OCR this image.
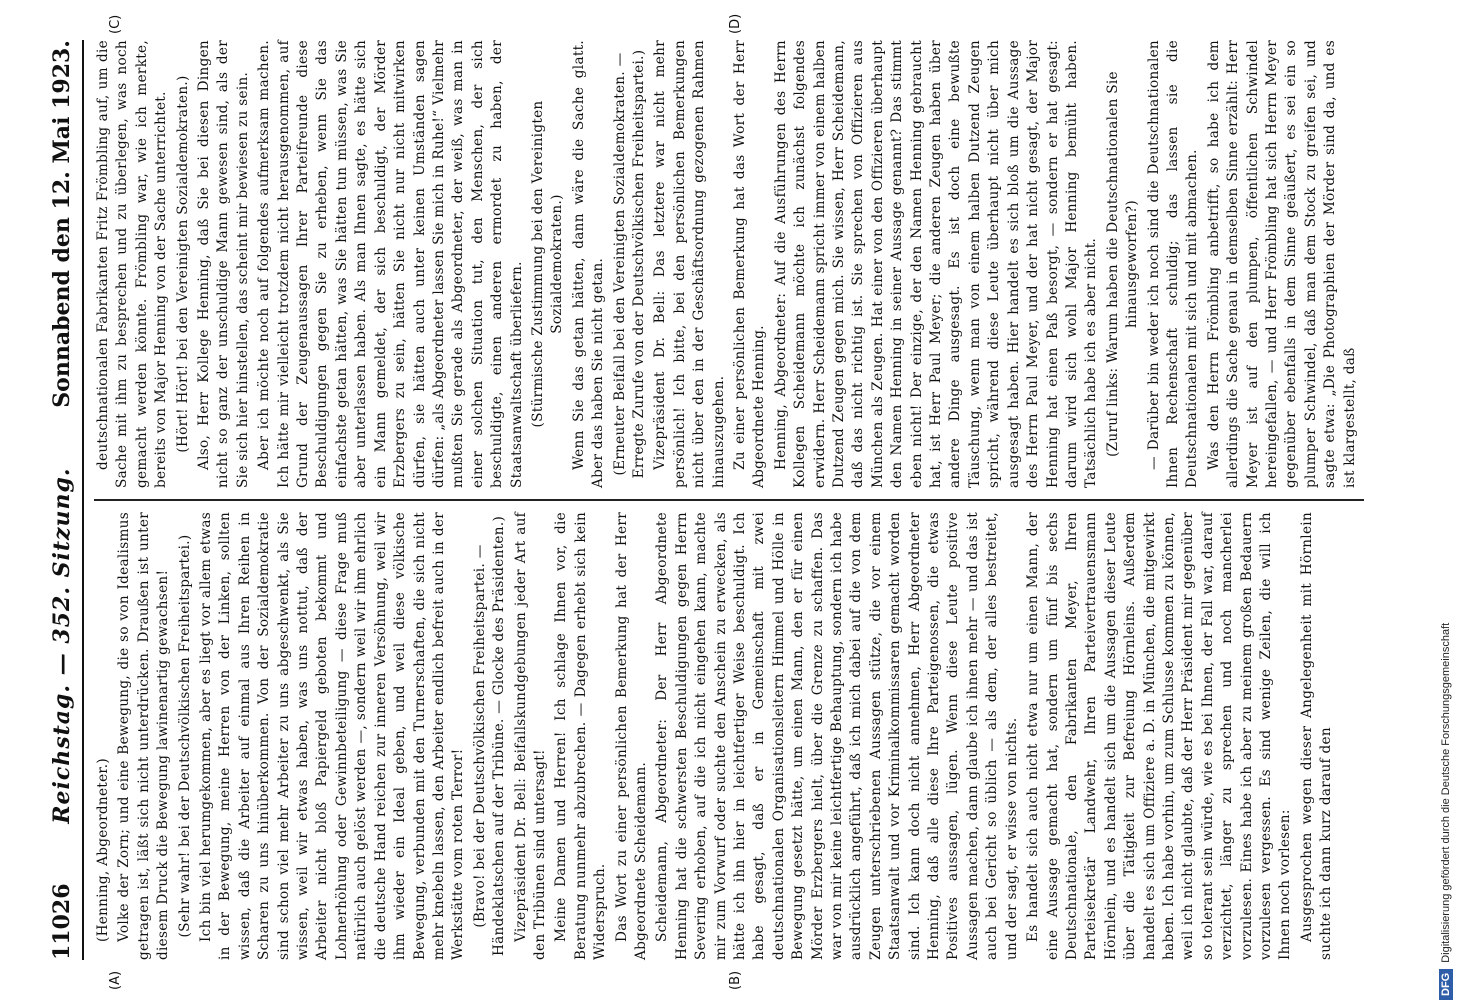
11026
Reichstag. — 352. Sitzung.
Sonnabend den 12. Mai 1923.
(A)	(B)
(C)	(D)

(Henning, Abgeordneter.) Volke der Zorn; und eine Bewegung, die so von Idealismus getragen ist, läßt sich nicht unterdrücken. Draußen ist unter diesem Druck die Bewegung lawinenartig gewachsen! (Sehr wahr! bei der Deutschvölkischen Freiheitspartei.) Ich bin viel herumgekommen, aber es liegt vor allem etwas in der Bewegung, meine Herren von der Linken, sollten wissen, daß die Arbeiter auf einmal aus Ihren Reihen in Scharen zu uns hinüberkommen. Von der Sozialdemokratie sind schon viel mehr Arbeiter zu uns abgeschwenkt, als Sie wissen, weil wir etwas haben, was uns nottut, daß der Arbeiter nicht bloß Papiergeld geboten bekommt und Lohnerhöhung oder Gewinnbeteiligung — diese Frage muß natürlich auch gelöst werden —, sondern weil wir ihm ehrlich die deutsche Hand reichen zur inneren Versöhnung, weil wir ihm wieder ein Ideal geben, und weil diese völkische Bewegung, verbunden mit den Turnerschaften, die sich nicht mehr knebeln lassen, den Arbeiter endlich befreit auch in der Werkstätte vom roten Terror! (Bravo! bei der Deutschvölkischen Freiheitspartei. — Händeklatschen auf der Tribüne. — Glocke des Präsidenten.) Vizepräsident Dr. Bell: Beifallskundgebungen jeder Art auf den Tribünen sind untersagt! Meine Damen und Herren! Ich schlage Ihnen vor, die Beratung nunmehr abzubrechen. — Dagegen erhebt sich kein Widerspruch. Das Wort zu einer persönlichen Bemerkung hat der Herr Abgeordnete Scheidemann. Scheidemann, Abgeordneter: Der Herr Abgeordnete Henning hat die schwersten Beschuldigungen gegen Herrn Severing erhoben, auf die ich nicht eingehen kann, machte mir zum Vorwurf oder suchte den Anschein zu erwecken, als hätte ich ihn hier in leichtfertiger Weise beschuldigt. Ich habe gesagt, daß er in Gemeinschaft mit zwei deutschnationalen Organisationsleitern Himmel und Hölle in Bewegung gesetzt hätte, um einen Mann, den er für einen Mörder Erzbergers hielt, über die Grenze zu schaffen. Das war von mir keine leichtfertige Behauptung, sondern ich habe ausdrücklich angeführt, daß ich mich dabei auf die von dem Zeugen unterschriebenen Aussagen stütze, die vor einem Staatsanwalt und vor Kriminalkommissaren gemacht worden sind. Ich kann doch nicht annehmen, Herr Abgeordneter Henning, daß alle diese Ihre Parteigenossen, die etwas Positives aussagen, lügen. Wenn diese Leute positive Aussagen machen, dann glaube ich ihnen mehr — und das ist auch bei Gericht so üblich — als dem, der alles bestreitet, und der sagt, er wisse von nichts. Es handelt sich auch nicht etwa nur um einen Mann, der eine Aussage gemacht hat, sondern um fünf bis sechs Deutschnationale, den Fabrikanten Meyer, Ihren Parteisekretär Landwehr, Ihren Parteivertrauensmann Hörnlein, und es handelt sich um die Aussagen dieser Leute über die Tätigkeit zur Befreiung Hörnleins. Außerdem handelt es sich um Offiziere a. D. in München, die mitgewirkt haben. Ich habe vorhin, um zum Schlusse kommen zu können, weil ich nicht glaubte, daß der Herr Präsident mir gegenüber so tolerant sein würde, wie es bei Ihnen, der Fall war, darauf verzichtet, länger zu sprechen und noch mancherlei vorzulesen. Eines habe ich aber zu meinem großen Bedauern vorzulesen vergessen. Es sind wenige Zeilen, die will ich Ihnen noch vorlesen: Ausgesprochen wegen dieser Angelegenheit mit Hörnlein suchte ich dann kurz darauf den

deutschnationalen Fabrikanten Fritz Frömbling auf, um die Sache mit ihm zu besprechen und zu überlegen, was noch gemacht werden könnte. Frömbling war, wie ich merkte, bereits von Major Henning von der Sache unterrichtet. (Hört! Hört! bei den Vereinigten Sozialdemokraten.) Also, Herr Kollege Henning, daß Sie bei diesen Dingen nicht so ganz der unschuldige Mann gewesen sind, als der Sie sich hier hinstellen, das scheint mir bewiesen zu sein. Aber ich möchte noch auf folgendes aufmerksam machen. Ich hätte mir vielleicht trotzdem nicht herausgenommen, auf Grund der Zeugenaussagen Ihrer Parteifreunde diese Beschuldigungen gegen Sie zu erheben, wenn Sie das einfachste getan hätten, was Sie hätten tun müssen, was Sie aber unterlassen haben. Als man Ihnen sagte, es hätte sich ein Mann gemeldet, der sich beschuldigt, der Mörder Erzbergers zu sein, hätten Sie nicht nur nicht mitwirken dürfen, sie hätten auch unter keinen Umständen sagen dürfen: „als Abgeordneter lassen Sie mich in Ruhe!“ Vielmehr mußten Sie gerade als Abgeordneter, der weiß, was man in einer solchen Situation tut, den Menschen, der sich beschuldigte, einen anderen ermordet zu haben, der Staatsanwaltschaft überliefern. (Stürmische Zustimmung bei den Vereinigten Sozialdemokraten.) Wenn Sie das getan hätten, dann wäre die Sache glatt. Aber das haben Sie nicht getan. (Erneuter Beifall bei den Vereinigten Sozialdemokraten. — Erregte Zurufe von der Deutschvölkischen Freiheitspartei.) Vizepräsident Dr. Bell: Das letztere war nicht mehr persönlich! Ich bitte, bei den persönlichen Bemerkungen nicht über den in der Geschäftsordnung gezogenen Rahmen hinauszugehen. Zu einer persönlichen Bemerkung hat das Wort der Herr Abgeordnete Henning. Henning, Abgeordneter: Auf die Ausführungen des Herrn Kollegen Scheidemann möchte ich zunächst folgendes erwidern. Herr Scheidemann spricht immer von einem halben Dutzend Zeugen gegen mich. Sie wissen, Herr Scheidemann, daß das nicht richtig ist. Sie sprechen von Offizieren aus München als Zeugen. Hat einer von den Offizieren überhaupt den Namen Henning in seiner Aussage genannt? Das stimmt eben nicht! Der einzige, der den Namen Henning gebraucht hat, ist Herr Paul Meyer; die anderen Zeugen haben über andere Dinge ausgesagt. Es ist doch eine bewußte Täuschung, wenn man von einem halben Dutzend Zeugen spricht, während diese Leute überhaupt nicht über mich ausgesagt haben. Hier handelt es sich bloß um die Aussage des Herrn Paul Meyer, und der hat nicht gesagt, der Major Henning hat einen Paß besorgt, — sondern er hat gesagt: darum wird sich wohl Major Henning bemüht haben. Tatsächlich habe ich es aber nicht. (Zuruf links: Warum haben die Deutschnationalen Sie hinausgeworfen?) — Darüber bin weder ich noch sind die Deutschnationalen Ihnen Rechenschaft schuldig; das lassen sie die Deutschnationalen mit sich und mit abmachen. Was den Herrn Frömbling anbetrifft, so habe ich dem allerdings die Sache genau in demselben Sinne erzählt: Herr Meyer ist auf den plumpen, öffentlichen Schwindel hereingefallen, — und Herr Frömbling hat sich Herrn Meyer gegenüber ebenfalls in dem Sinne geäußert, es sei ein so plumper Schwindel, daß man dem Stock zu greifen sei, und sagte etwa: „Die Photographien der Mörder sind da, und es ist klargestellt, daß

DFG
Digitalisierung gefördert durch die Deutsche Forschungsgemeinschaft
